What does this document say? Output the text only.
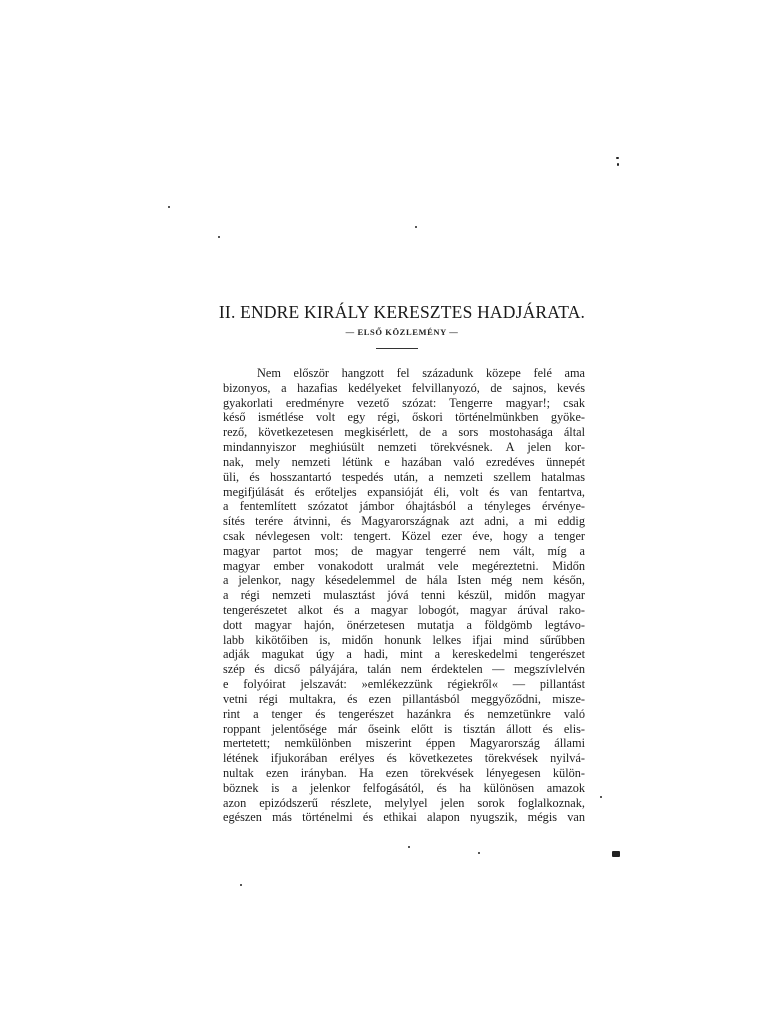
II. ENDRE KIRÁLY KERESZTES HADJÁRATA.
— ELSŐ KÖZLEMÉNY —
Nem először hangzott fel századunk közepe felé ama
bizonyos, a hazafias kedélyeket felvillanyozó, de sajnos, kevés
gyakorlati eredményre vezető szózat: Tengerre magyar!; csak
késő ismétlése volt egy régi, őskori történelmünkben gyöke-
rező, következetesen megkisérlett, de a sors mostohasága által
mindannyiszor meghiúsült nemzeti törekvésnek. A jelen kor-
nak, mely nemzeti létünk e hazában való ezredéves ünnepét
üli, és hosszantartó tespedés után, a nemzeti szellem hatalmas
megifjúlását és erőteljes expansióját éli, volt és van fentartva,
a fentemlített szózatot jámbor óhajtásból a tényleges érvénye-
sítés terére átvinni, és Magyarországnak azt adni, a mi eddig
csak névlegesen volt: tengert. Közel ezer éve, hogy a tenger
magyar partot mos; de magyar tengerré nem vált, míg a
magyar ember vonakodott uralmát vele megéreztetni. Midőn
a jelenkor, nagy késedelemmel de hála Isten még nem későn,
a régi nemzeti mulasztást jóvá tenni készül, midőn magyar
tengerészetet alkot és a magyar lobogót, magyar árúval rako-
dott magyar hajón, önérzetesen mutatja a földgömb legtávo-
labb kikötőiben is, midőn honunk lelkes ifjai mind sűrűbben
adják magukat úgy a hadi, mint a kereskedelmi tengerészet
szép és dicső pályájára, talán nem érdektelen — megszívlelvén
e folyóirat jelszavát: »emlékezzünk régiekről« — pillantást
vetni régi multakra, és ezen pillantásból meggyőződni, misze-
rint a tenger és tengerészet hazánkra és nemzetünkre való
roppant jelentősége már őseink előtt is tisztán állott és elis-
mertetett; nemkülönben miszerint éppen Magyarország állami
létének ifjukorában erélyes és következetes törekvések nyilvá-
nultak ezen irányban. Ha ezen törekvések lényegesen külön-
böznek is a jelenkor felfogásától, és ha különösen amazok
azon epizódszerű részlete, melylyel jelen sorok foglalkoznak,
egészen más történelmi és ethikai alapon nyugszik, mégis van
